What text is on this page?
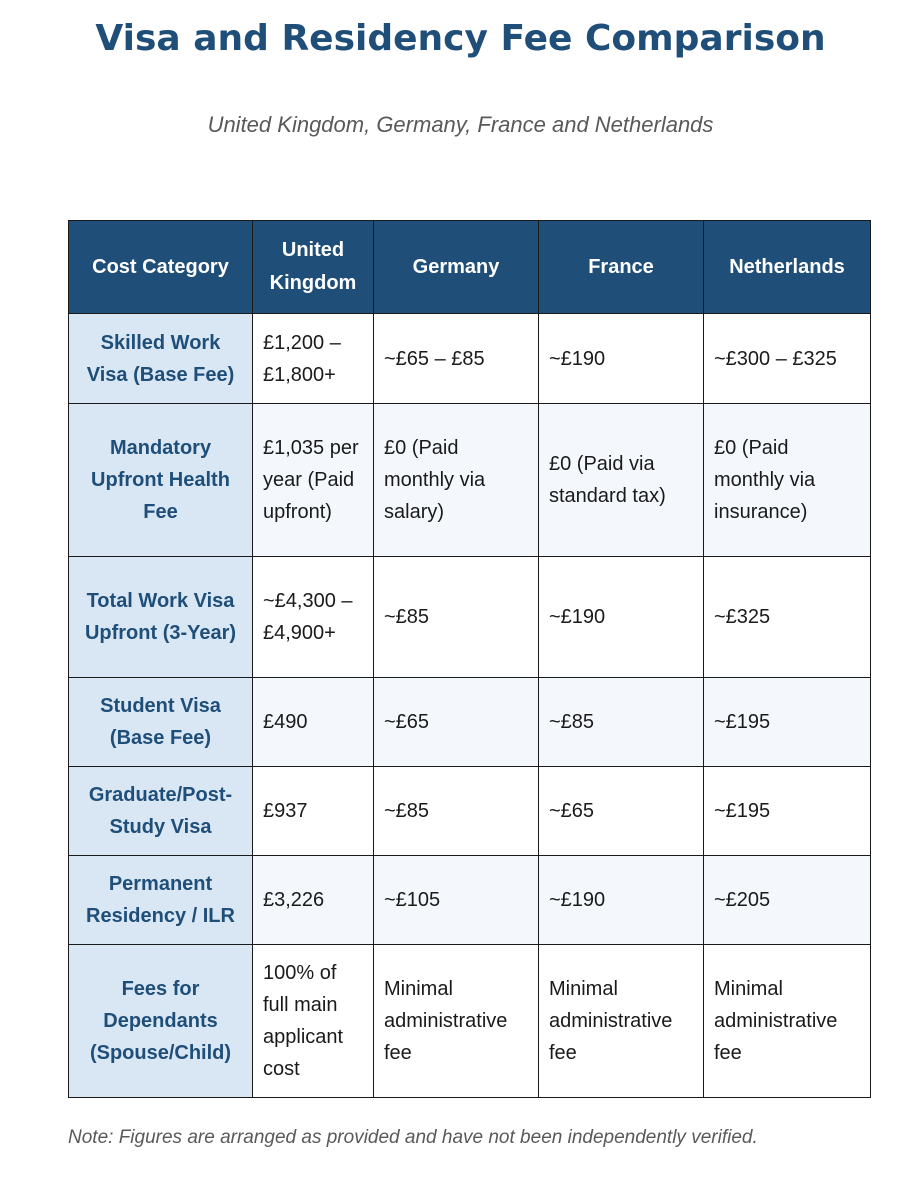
Visa and Residency Fee Comparison
United Kingdom, Germany, France and Netherlands
Cost Category	United Kingdom	Germany	France	Netherlands
Skilled Work Visa (Base Fee)	£1,200 – £1,800+	~£65 – £85	~£190	~£300 – £325
Mandatory Upfront Health Fee	£1,035 per year (Paid upfront)	£0 (Paid monthly via salary)	£0 (Paid via standard tax)	£0 (Paid monthly via insurance)
Total Work Visa Upfront (3-Year)	~£4,300 – £4,900+	~£85	~£190	~£325
Student Visa (Base Fee)	£490	~£65	~£85	~£195
Graduate/Post-Study Visa	£937	~£85	~£65	~£195
Permanent Residency / ILR	£3,226	~£105	~£190	~£205
Fees for Dependants (Spouse/Child)	100% of full main applicant cost	Minimal administrative fee	Minimal administrative fee	Minimal administrative fee
Note: Figures are arranged as provided and have not been independently verified.
